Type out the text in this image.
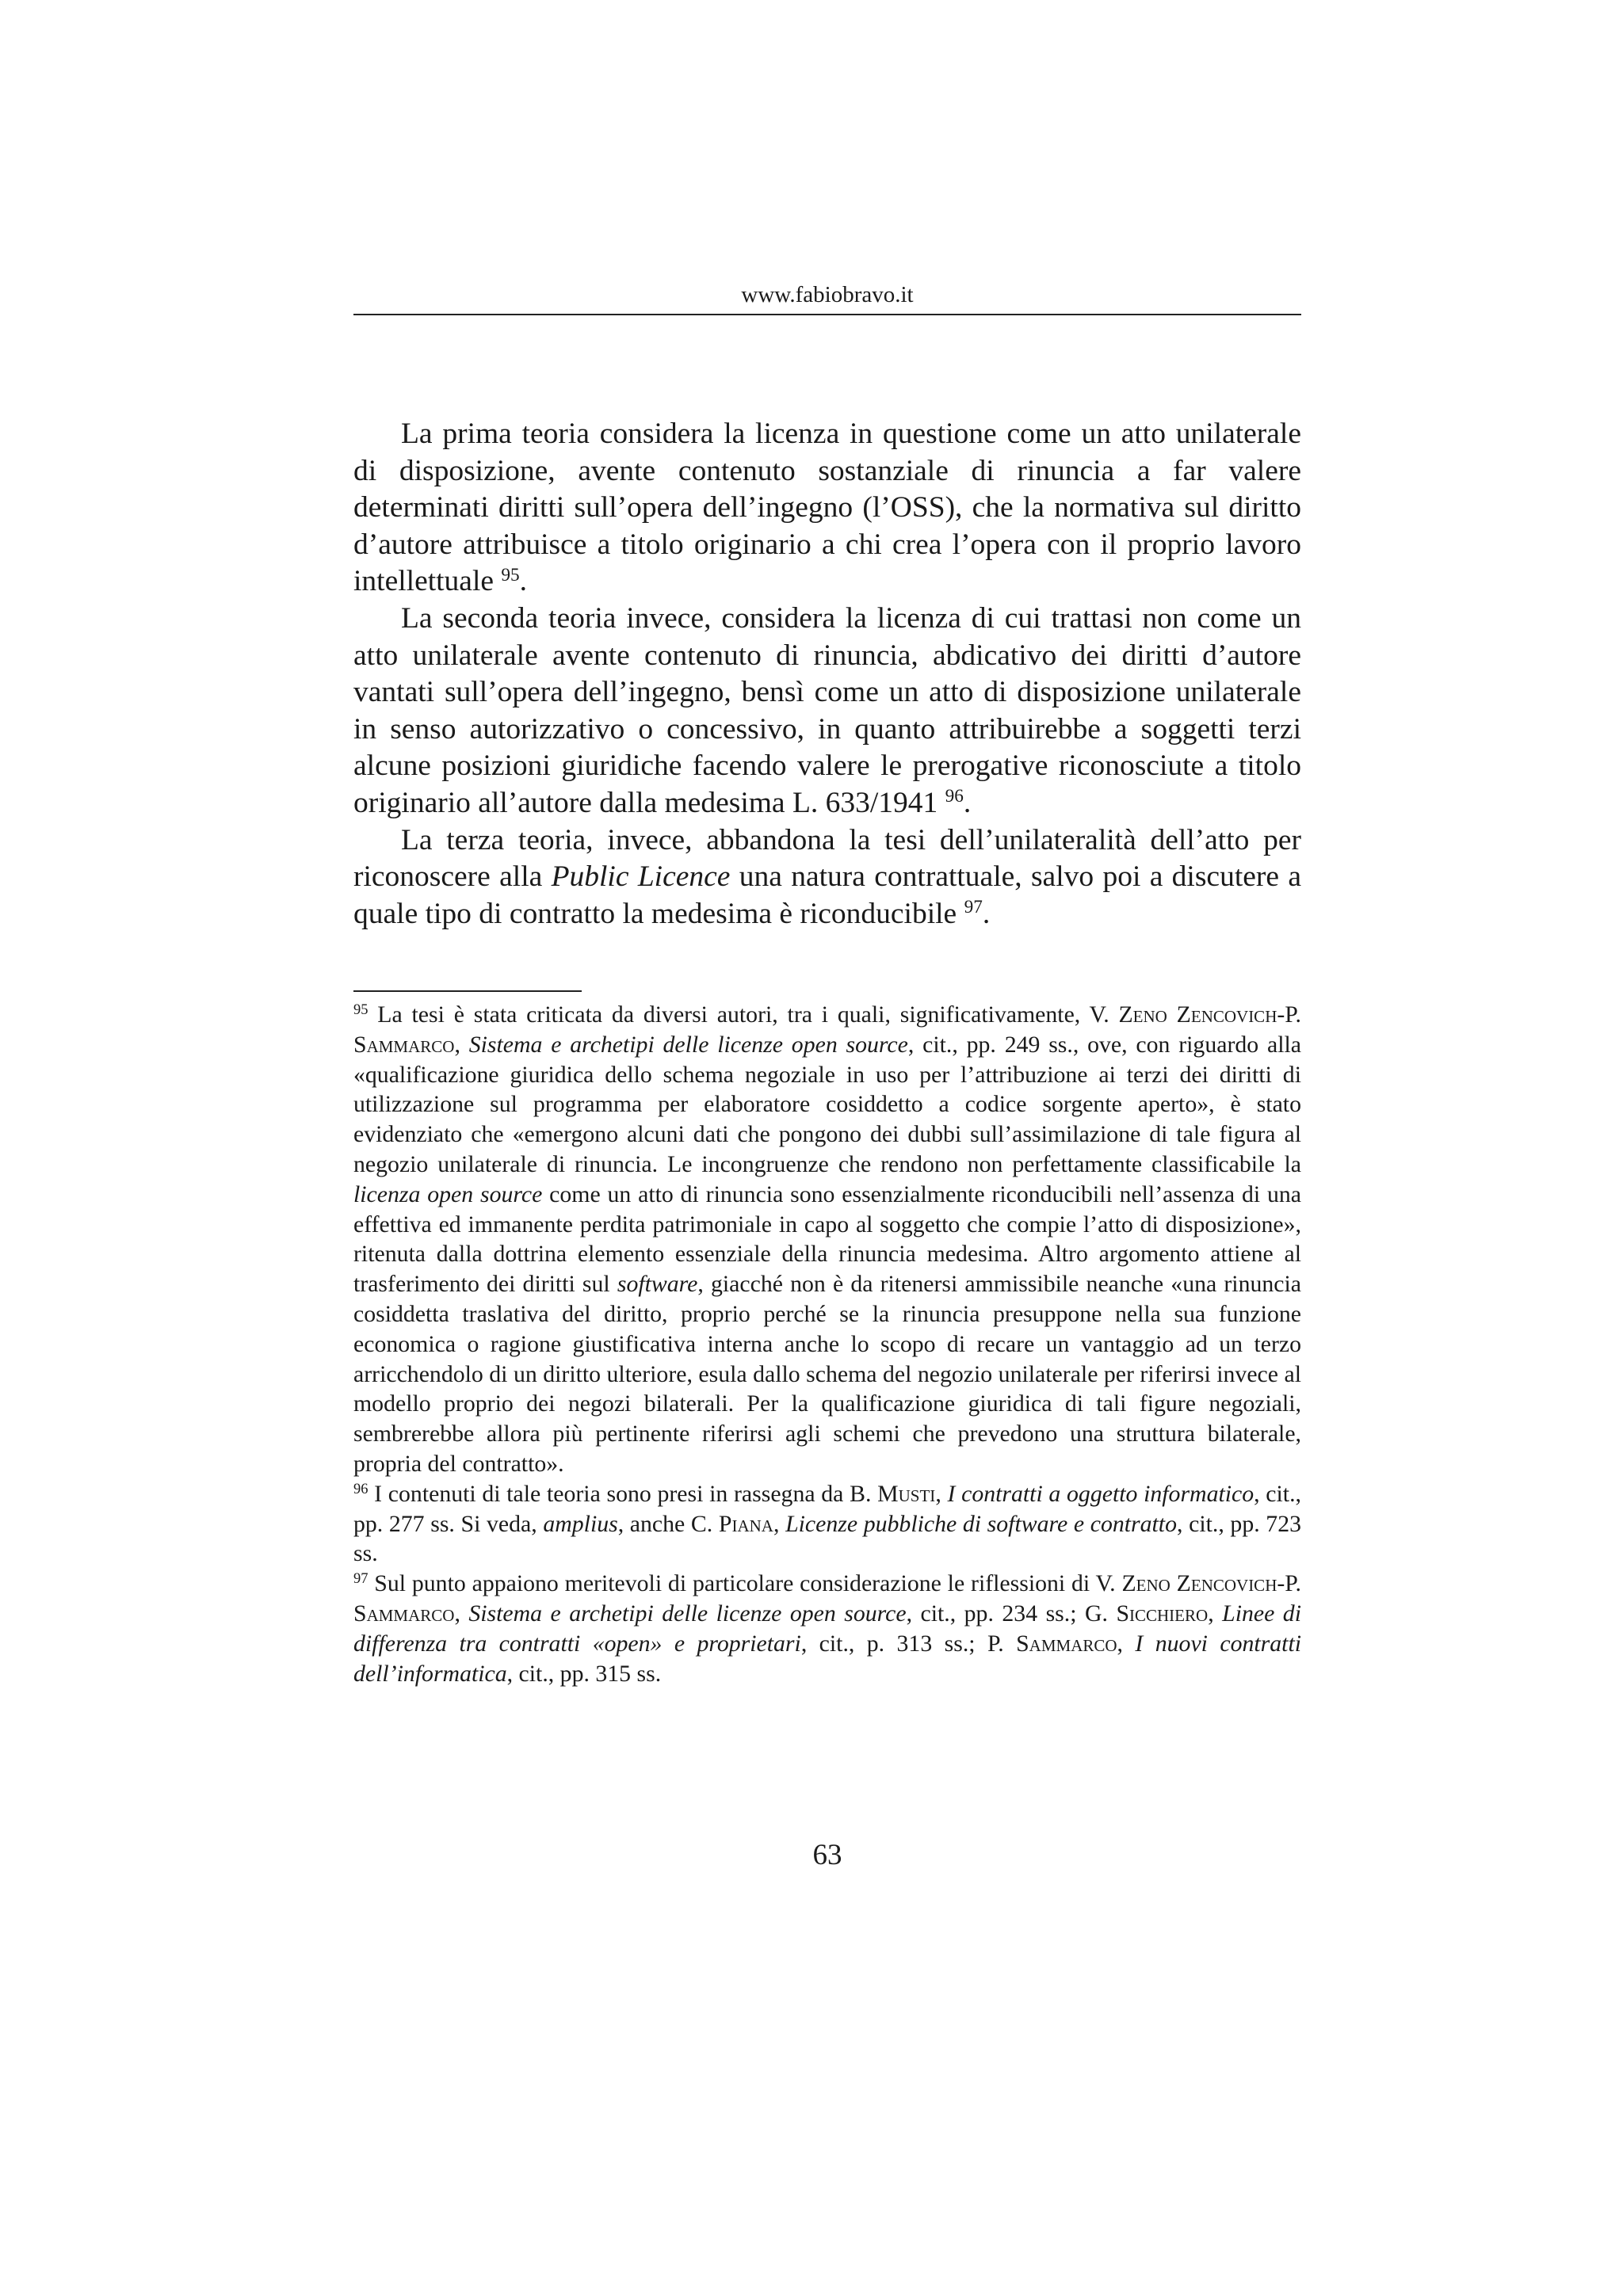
www.fabiobravo.it

La prima teoria considera la licenza in questione come un atto unilaterale di disposizione, avente contenuto sostanziale di rinuncia a far valere determinati diritti sull’opera dell’ingegno (l’OSS), che la normativa sul diritto d’autore attribuisce a titolo originario a chi crea l’opera con il proprio lavoro intellettuale $^{95}$.

La seconda teoria invece, considera la licenza di cui trattasi non come un atto unilaterale avente contenuto di rinuncia, abdicativo dei diritti d’autore vantati sull’opera dell’ingegno, bensì come un atto di disposizione unilaterale in senso autorizzativo o concessivo, in quanto attribuirebbe a soggetti terzi alcune posizioni giuridiche facendo valere le prerogative riconosciute a titolo originario all’autore dalla medesima L. 633/1941 $^{96}$.

La terza teoria, invece, abbandona la tesi dell’unilateralità dell’atto per riconoscere alla Public Licence una natura contrattuale, salvo poi a discutere a quale tipo di contratto la medesima è riconducibile $^{97}$.

$^{95}$ La tesi è stata criticata da diversi autori, tra i quali, significativamente, V. Zeno Zencovich-P. Sammarco, Sistema e archetipi delle licenze open source, cit., pp. 249 ss., ove, con riguardo alla «qualificazione giuridica dello schema negoziale in uso per l’attribuzione ai terzi dei diritti di utilizzazione sul programma per elaboratore cosiddetto a codice sorgente aperto», è stato evidenziato che «emergono alcuni dati che pongono dei dubbi sull’assimilazione di tale figura al negozio unilaterale di rinuncia. Le incongruenze che rendono non perfettamente classificabile la licenza open source come un atto di rinuncia sono essenzialmente riconducibili nell’assenza di una effettiva ed immanente perdita patrimoniale in capo al soggetto che compie l’atto di disposizione», ritenuta dalla dottrina elemento essenziale della rinuncia medesima. Altro argomento attiene al trasferimento dei diritti sul software, giacché non è da ritenersi ammissibile neanche «una rinuncia cosiddetta traslativa del diritto, proprio perché se la rinuncia presuppone nella sua funzione economica o ragione giustificativa interna anche lo scopo di recare un vantaggio ad un terzo arricchendolo di un diritto ulteriore, esula dallo schema del negozio unilaterale per riferirsi invece al modello proprio dei negozi bilaterali. Per la qualificazione giuridica di tali figure negoziali, sembrerebbe allora più pertinente riferirsi agli schemi che prevedono una struttura bilaterale, propria del contratto».

$^{96}$ I contenuti di tale teoria sono presi in rassegna da B. Musti, I contratti a oggetto informatico, cit., pp. 277 ss. Si veda, amplius, anche C. Piana, Licenze pubbliche di software e contratto, cit., pp. 723 ss.

$^{97}$ Sul punto appaiono meritevoli di particolare considerazione le riflessioni di V. Zeno Zencovich-P. Sammarco, Sistema e archetipi delle licenze open source, cit., pp. 234 ss.; G. Sicchiero, Linee di differenza tra contratti «open» e proprietari, cit., p. 313 ss.; P. Sammarco, I nuovi contratti dell’informatica, cit., pp. 315 ss.

63
